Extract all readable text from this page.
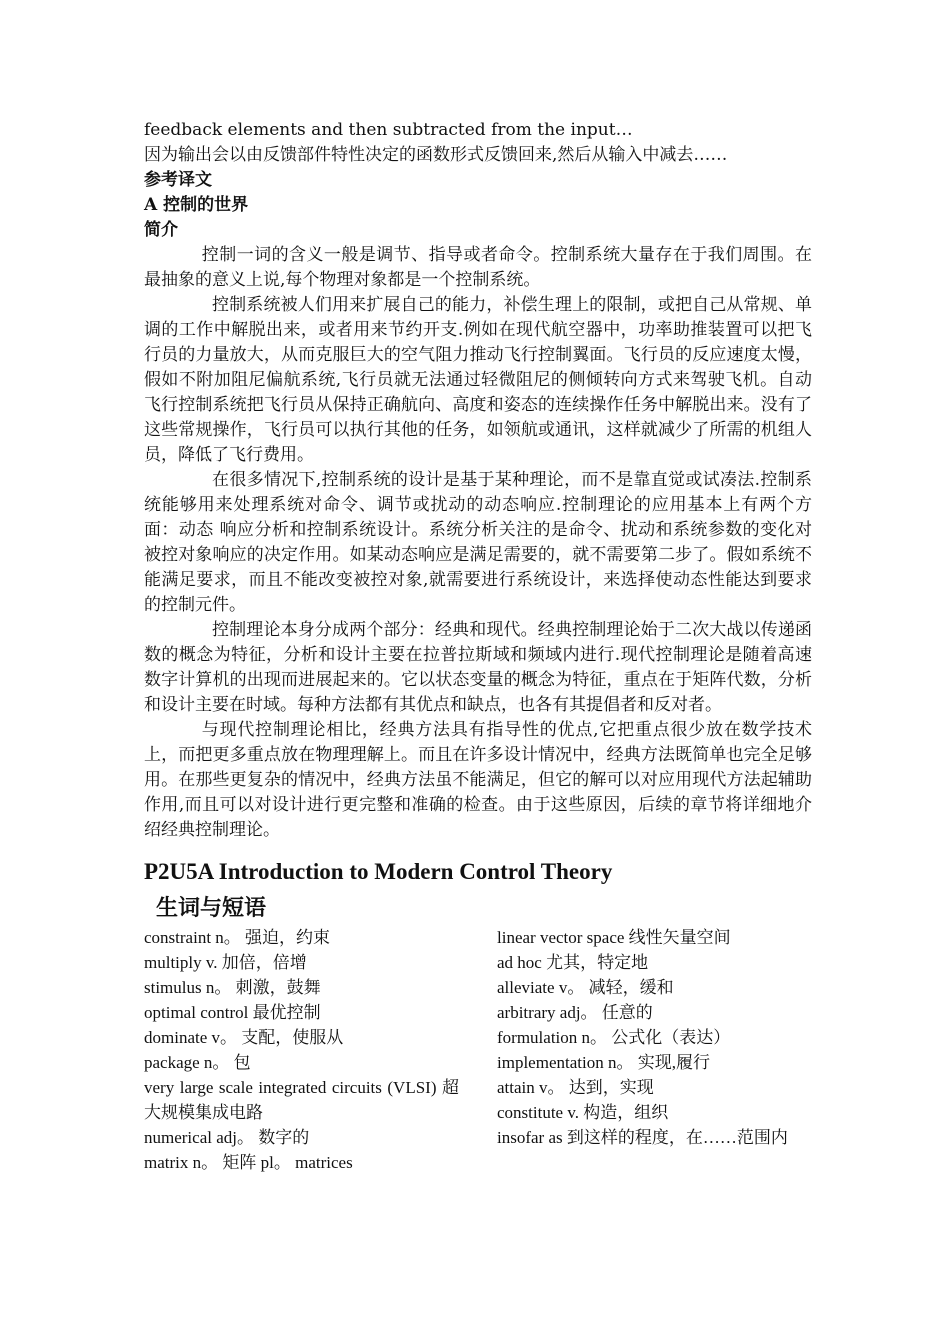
feedback elements and then subtracted from the input…
因为输出会以由反馈部件特性决定的函数形式反馈回来,然后从输入中减去……
参考译文
A 控制的世界
简介

控制一词的含义一般是调节、指导或者命令。控制系统大量存在于我们周围。在最抽象的意义上说,每个物理对象都是一个控制系统。

控制系统被人们用来扩展自己的能力，补偿生理上的限制，或把自己从常规、单调的工作中解脱出来，或者用来节约开支.例如在现代航空器中，功率助推装置可以把飞行员的力量放大，从而克服巨大的空气阻力推动飞行控制翼面。飞行员的反应速度太慢，假如不附加阻尼偏航系统,飞行员就无法通过轻微阻尼的侧倾转向方式来驾驶飞机。自动飞行控制系统把飞行员从保持正确航向、高度和姿态的连续操作任务中解脱出来。没有了这些常规操作，飞行员可以执行其他的任务，如领航或通讯，这样就减少了所需的机组人员，降低了飞行费用。

在很多情况下,控制系统的设计是基于某种理论，而不是靠直觉或试凑法.控制系统能够用来处理系统对命令、调节或扰动的动态响应.控制理论的应用基本上有两个方面：动态 响应分析和控制系统设计。系统分析关注的是命令、扰动和系统参数的变化对被控对象响应的决定作用。如某动态响应是满足需要的，就不需要第二步了。假如系统不能满足要求，而且不能改变被控对象,就需要进行系统设计，来选择使动态性能达到要求的控制元件。

控制理论本身分成两个部分：经典和现代。经典控制理论始于二次大战以传递函数的概念为特征，分析和设计主要在拉普拉斯域和频域内进行.现代控制理论是随着高速数字计算机的出现而进展起来的。它以状态变量的概念为特征，重点在于矩阵代数，分析和设计主要在时域。每种方法都有其优点和缺点，也各有其提倡者和反对者。

与现代控制理论相比，经典方法具有指导性的优点,它把重点很少放在数学技术上，而把更多重点放在物理理解上。而且在许多设计情况中，经典方法既简单也完全足够用。在那些更复杂的情况中，经典方法虽不能满足，但它的解可以对应用现代方法起辅助作用,而且可以对设计进行更完整和准确的检查。由于这些原因，后续的章节将详细地介绍经典控制理论。

P2U5A Introduction to Modern Control Theory
生词与短语
constraint n。 强迫，约束
multiply v. 加倍，倍增
stimulus n。 刺激，鼓舞
optimal control 最优控制
dominate v。 支配，使服从
package n。 包
very large scale integrated circuits (VLSI) 超大规模集成电路
numerical adj。 数字的
matrix n。 矩阵 pl。 matrices
linear vector space 线性矢量空间
ad hoc 尤其，特定地
alleviate v。 减轻，缓和
arbitrary adj。 任意的
formulation n。 公式化（表达）
implementation n。 实现,履行
attain v。 达到，实现
constitute v. 构造，组织
insofar as 到这样的程度，在……范围内
